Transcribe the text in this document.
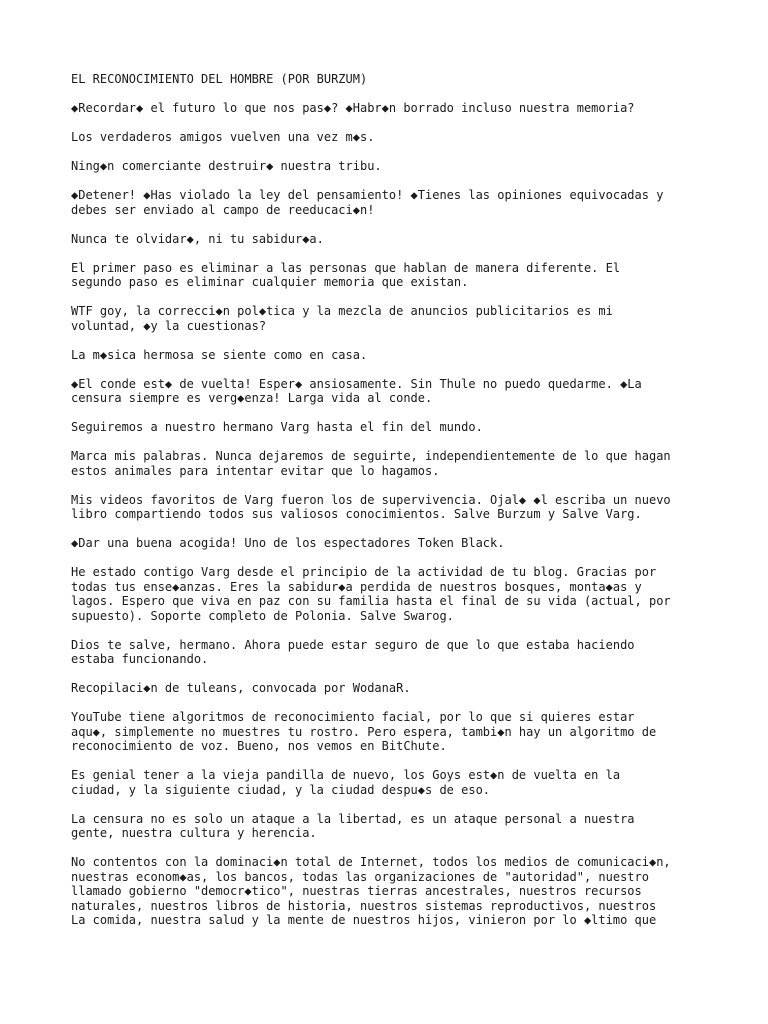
EL RECONOCIMIENTO DEL HOMBRE (POR BURZUM)

◆Recordar◆ el futuro lo que nos pas◆? ◆Habr◆n borrado incluso nuestra memoria?

Los verdaderos amigos vuelven una vez m◆s.

Ning◆n comerciante destruir◆ nuestra tribu.

◆Detener! ◆Has violado la ley del pensamiento! ◆Tienes las opiniones equivocadas y
debes ser enviado al campo de reeducaci◆n!

Nunca te olvidar◆, ni tu sabidur◆a.

El primer paso es eliminar a las personas que hablan de manera diferente. El
segundo paso es eliminar cualquier memoria que existan.

WTF goy, la correcci◆n pol◆tica y la mezcla de anuncios publicitarios es mi
voluntad, ◆y la cuestionas?

La m◆sica hermosa se siente como en casa.

◆El conde est◆ de vuelta! Esper◆ ansiosamente. Sin Thule no puedo quedarme. ◆La
censura siempre es verg◆enza! Larga vida al conde.

Seguiremos a nuestro hermano Varg hasta el fin del mundo.

Marca mis palabras. Nunca dejaremos de seguirte, independientemente de lo que hagan
estos animales para intentar evitar que lo hagamos.

Mis videos favoritos de Varg fueron los de supervivencia. Ojal◆ ◆l escriba un nuevo
libro compartiendo todos sus valiosos conocimientos. Salve Burzum y Salve Varg.

◆Dar una buena acogida! Uno de los espectadores Token Black.

He estado contigo Varg desde el principio de la actividad de tu blog. Gracias por
todas tus ense◆anzas. Eres la sabidur◆a perdida de nuestros bosques, monta◆as y
lagos. Espero que viva en paz con su familia hasta el final de su vida (actual, por
supuesto). Soporte completo de Polonia. Salve Swarog.

Dios te salve, hermano. Ahora puede estar seguro de que lo que estaba haciendo
estaba funcionando.

Recopilaci◆n de tuleans, convocada por WodanaR.

YouTube tiene algoritmos de reconocimiento facial, por lo que si quieres estar
aqu◆, simplemente no muestres tu rostro. Pero espera, tambi◆n hay un algoritmo de
reconocimiento de voz. Bueno, nos vemos en BitChute.

Es genial tener a la vieja pandilla de nuevo, los Goys est◆n de vuelta en la
ciudad, y la siguiente ciudad, y la ciudad despu◆s de eso.

La censura no es solo un ataque a la libertad, es un ataque personal a nuestra
gente, nuestra cultura y herencia.

No contentos con la dominaci◆n total de Internet, todos los medios de comunicaci◆n,
nuestras econom◆as, los bancos, todas las organizaciones de "autoridad", nuestro
llamado gobierno "democr◆tico", nuestras tierras ancestrales, nuestros recursos
naturales, nuestros libros de historia, nuestros sistemas reproductivos, nuestros
La comida, nuestra salud y la mente de nuestros hijos, vinieron por lo ◆ltimo que
